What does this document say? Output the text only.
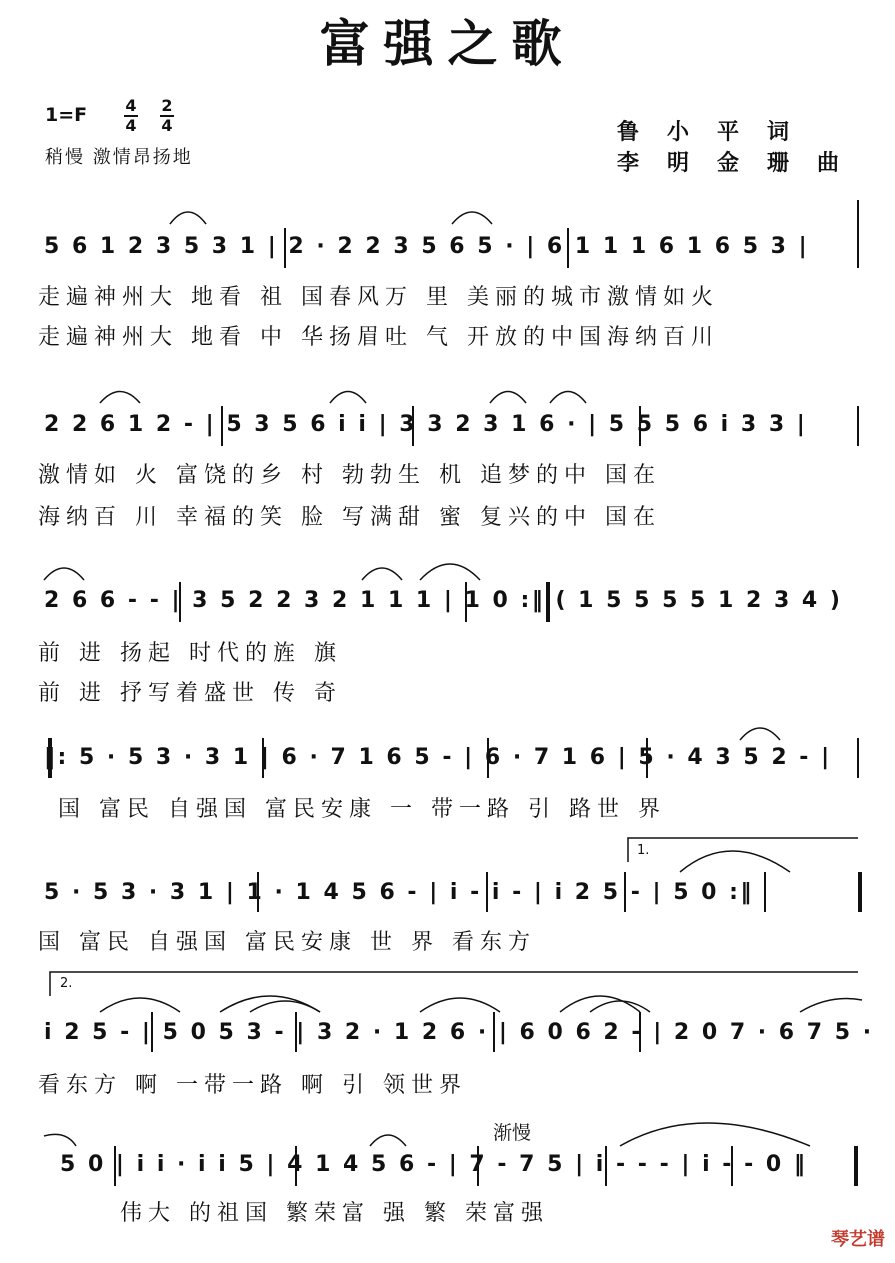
富强之歌
1=F 4
4
2
4
稍慢 激情昂扬地
鲁小平词
李明金珊曲
5 6 1 2 3 5 3 1 | 2 · 2 2 3 5 6 5 · | 6 1 1 1 6 1 6 5 3 |
走遍神州大 地看 祖 国春风万 里 美丽的城市激情如火
走遍神州大 地看 中 华扬眉吐 气 开放的中国海纳百川
2 2 6 1 2 - | 5 3 5 6 i i | 3 3 2 3 1 6 · | 5 5 5 6 i 3 3 |
激情如 火 富饶的乡 村 勃勃生 机 追梦的中 国在
海纳百 川 幸福的笑 脸 写满甜 蜜 复兴的中 国在
2 6 6 - - | 3 5 2 2 3 2 1 1 1 | 1 0 :‖ ( 1 5 5 5 5 1 2 3 4 )
前 进 扬起 时代的旌 旗
前 进 抒写着盛世 传 奇
‖: 5 · 5 3 · 3 1 | 6 · 7 1 6 5 - | 6 · 7 1 6 | 5 · 4 3 5 2 - |
国 富民 自强国 富民安康 一 带一路 引 路世 界
1.
5 · 5 3 · 3 1 | 1 · 1 4 5 6 - | i - i - | i 2 5 - | 5 0 :‖
国 富民 自强国 富民安康 世 界 看东方
2.
i 2 5 - | 5 0 5 3 - | 3 2 · 1 2 6 · | 6 0 6 2 - | 2 0 7 · 6 7 5 ·
看东方 啊 一带一路 啊 引 领世界
渐慢
5 0 | i i · i i 5 | 4 1 4 5 6 - | 7 - 7 5 | i - - - | i - - 0 ‖
伟大 的祖国 繁荣富 强 繁 荣富强
琴艺谱
